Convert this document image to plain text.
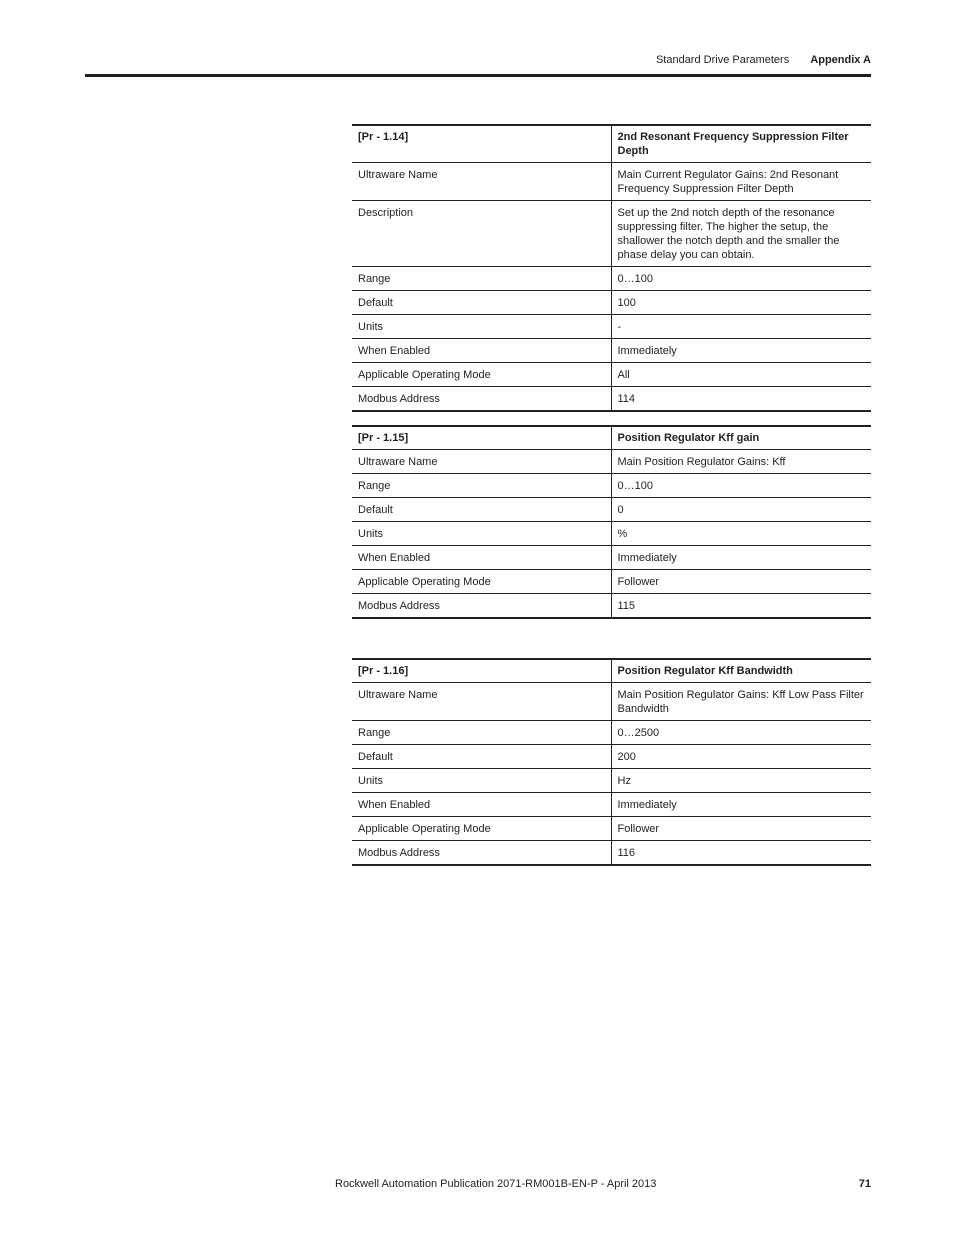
Standard Drive Parameters Appendix A
[Pr - 1.14]	2nd Resonant Frequency Suppression Filter Depth
Ultraware Name	Main Current Regulator Gains: 2nd Resonant Frequency Suppression Filter Depth
Description	Set up the 2nd notch depth of the resonance suppressing filter. The higher the setup, the shallower the notch depth and the smaller the phase delay you can obtain.
Range	0…100
Default	100
Units	-
When Enabled	Immediately
Applicable Operating Mode	All
Modbus Address	114
[Pr - 1.15]	Position Regulator Kff gain
Ultraware Name	Main Position Regulator Gains: Kff
Range	0…100
Default	0
Units	%
When Enabled	Immediately
Applicable Operating Mode	Follower
Modbus Address	115
[Pr - 1.16]	Position Regulator Kff Bandwidth
Ultraware Name	Main Position Regulator Gains: Kff Low Pass Filter Bandwidth
Range	0…2500
Default	200
Units	Hz
When Enabled	Immediately
Applicable Operating Mode	Follower
Modbus Address	116
Rockwell Automation Publication 2071-RM001B-EN-P - April 2013	71
